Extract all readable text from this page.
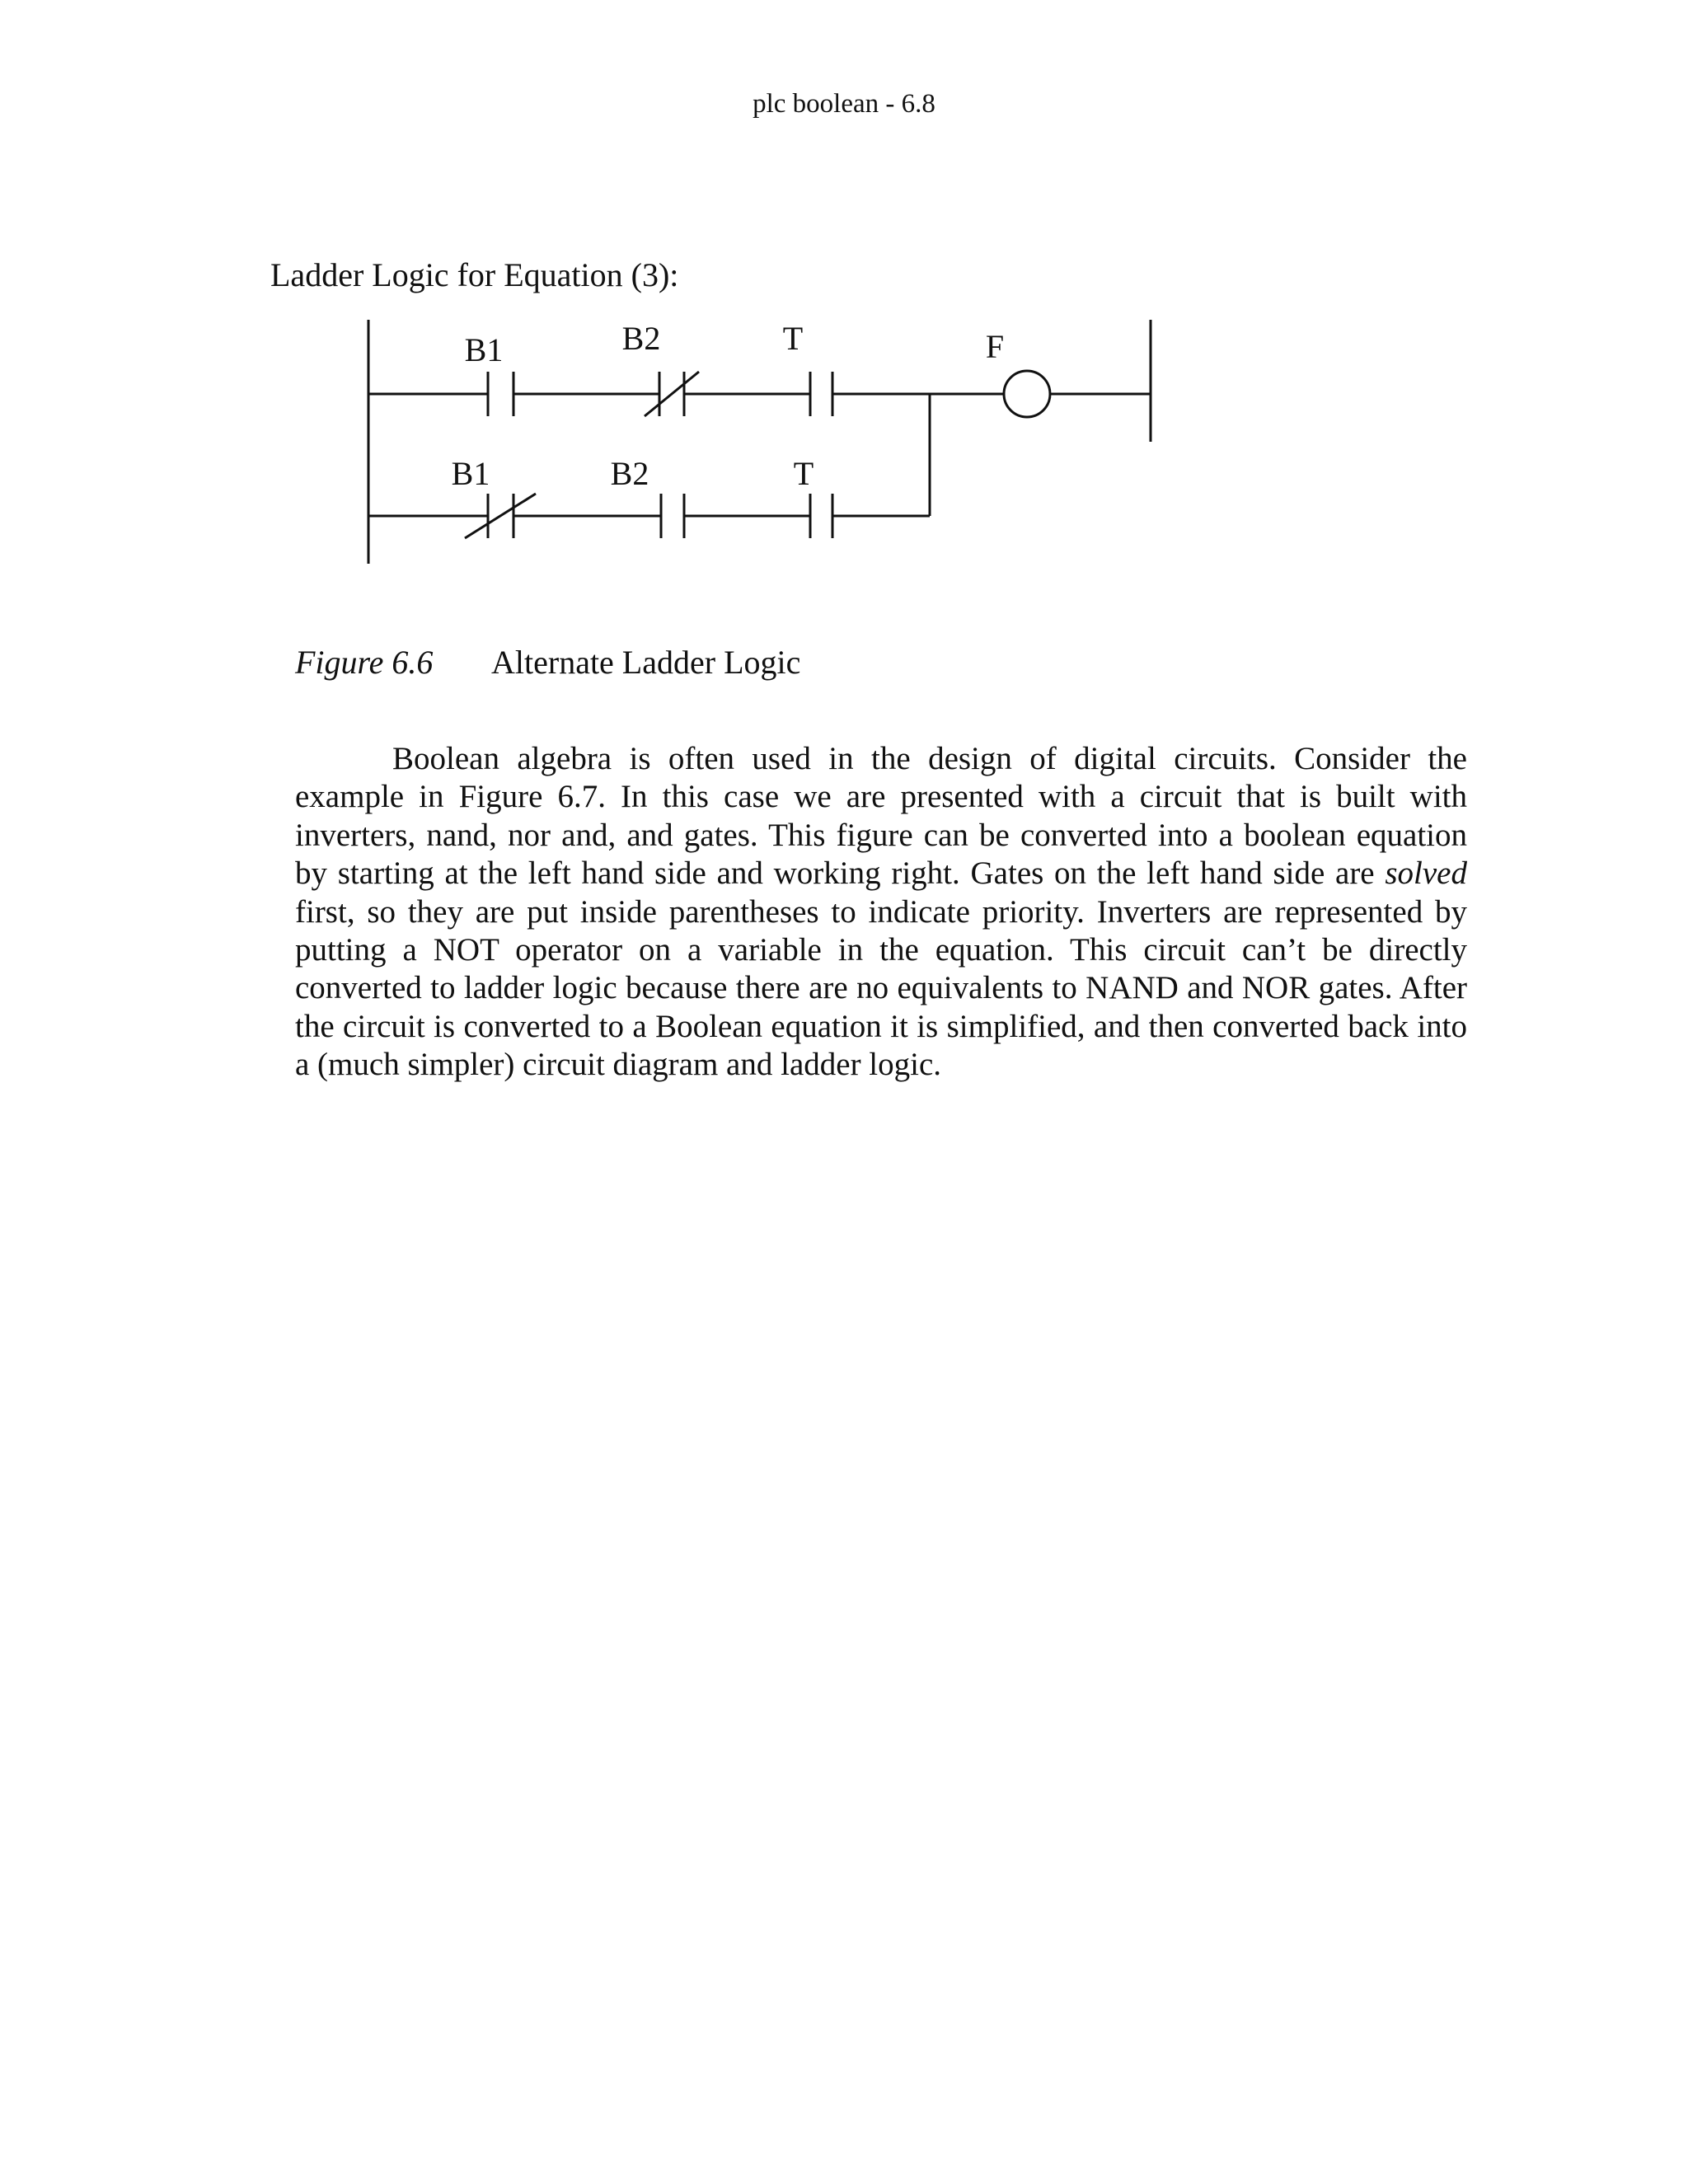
plc boolean - 6.8
Ladder Logic for Equation (3):
B1	B2	T	F
B1	B2	T
Figure 6.6 Alternate Ladder Logic

Boolean algebra is often used in the design of digital circuits. Consider the example in Figure 6.7. In this case we are presented with a circuit that is built with inverters, nand, nor and, and gates. This figure can be converted into a boolean equation by starting at the left hand side and working right. Gates on the left hand side are solved first, so they are put inside parentheses to indicate priority. Inverters are represented by putting a NOT operator on a variable in the equation. This circuit can’t be directly converted to ladder logic because there are no equivalents to NAND and NOR gates. After the circuit is converted to a Boolean equation it is simplified, and then converted back into a (much simpler) circuit diagram and ladder logic.
